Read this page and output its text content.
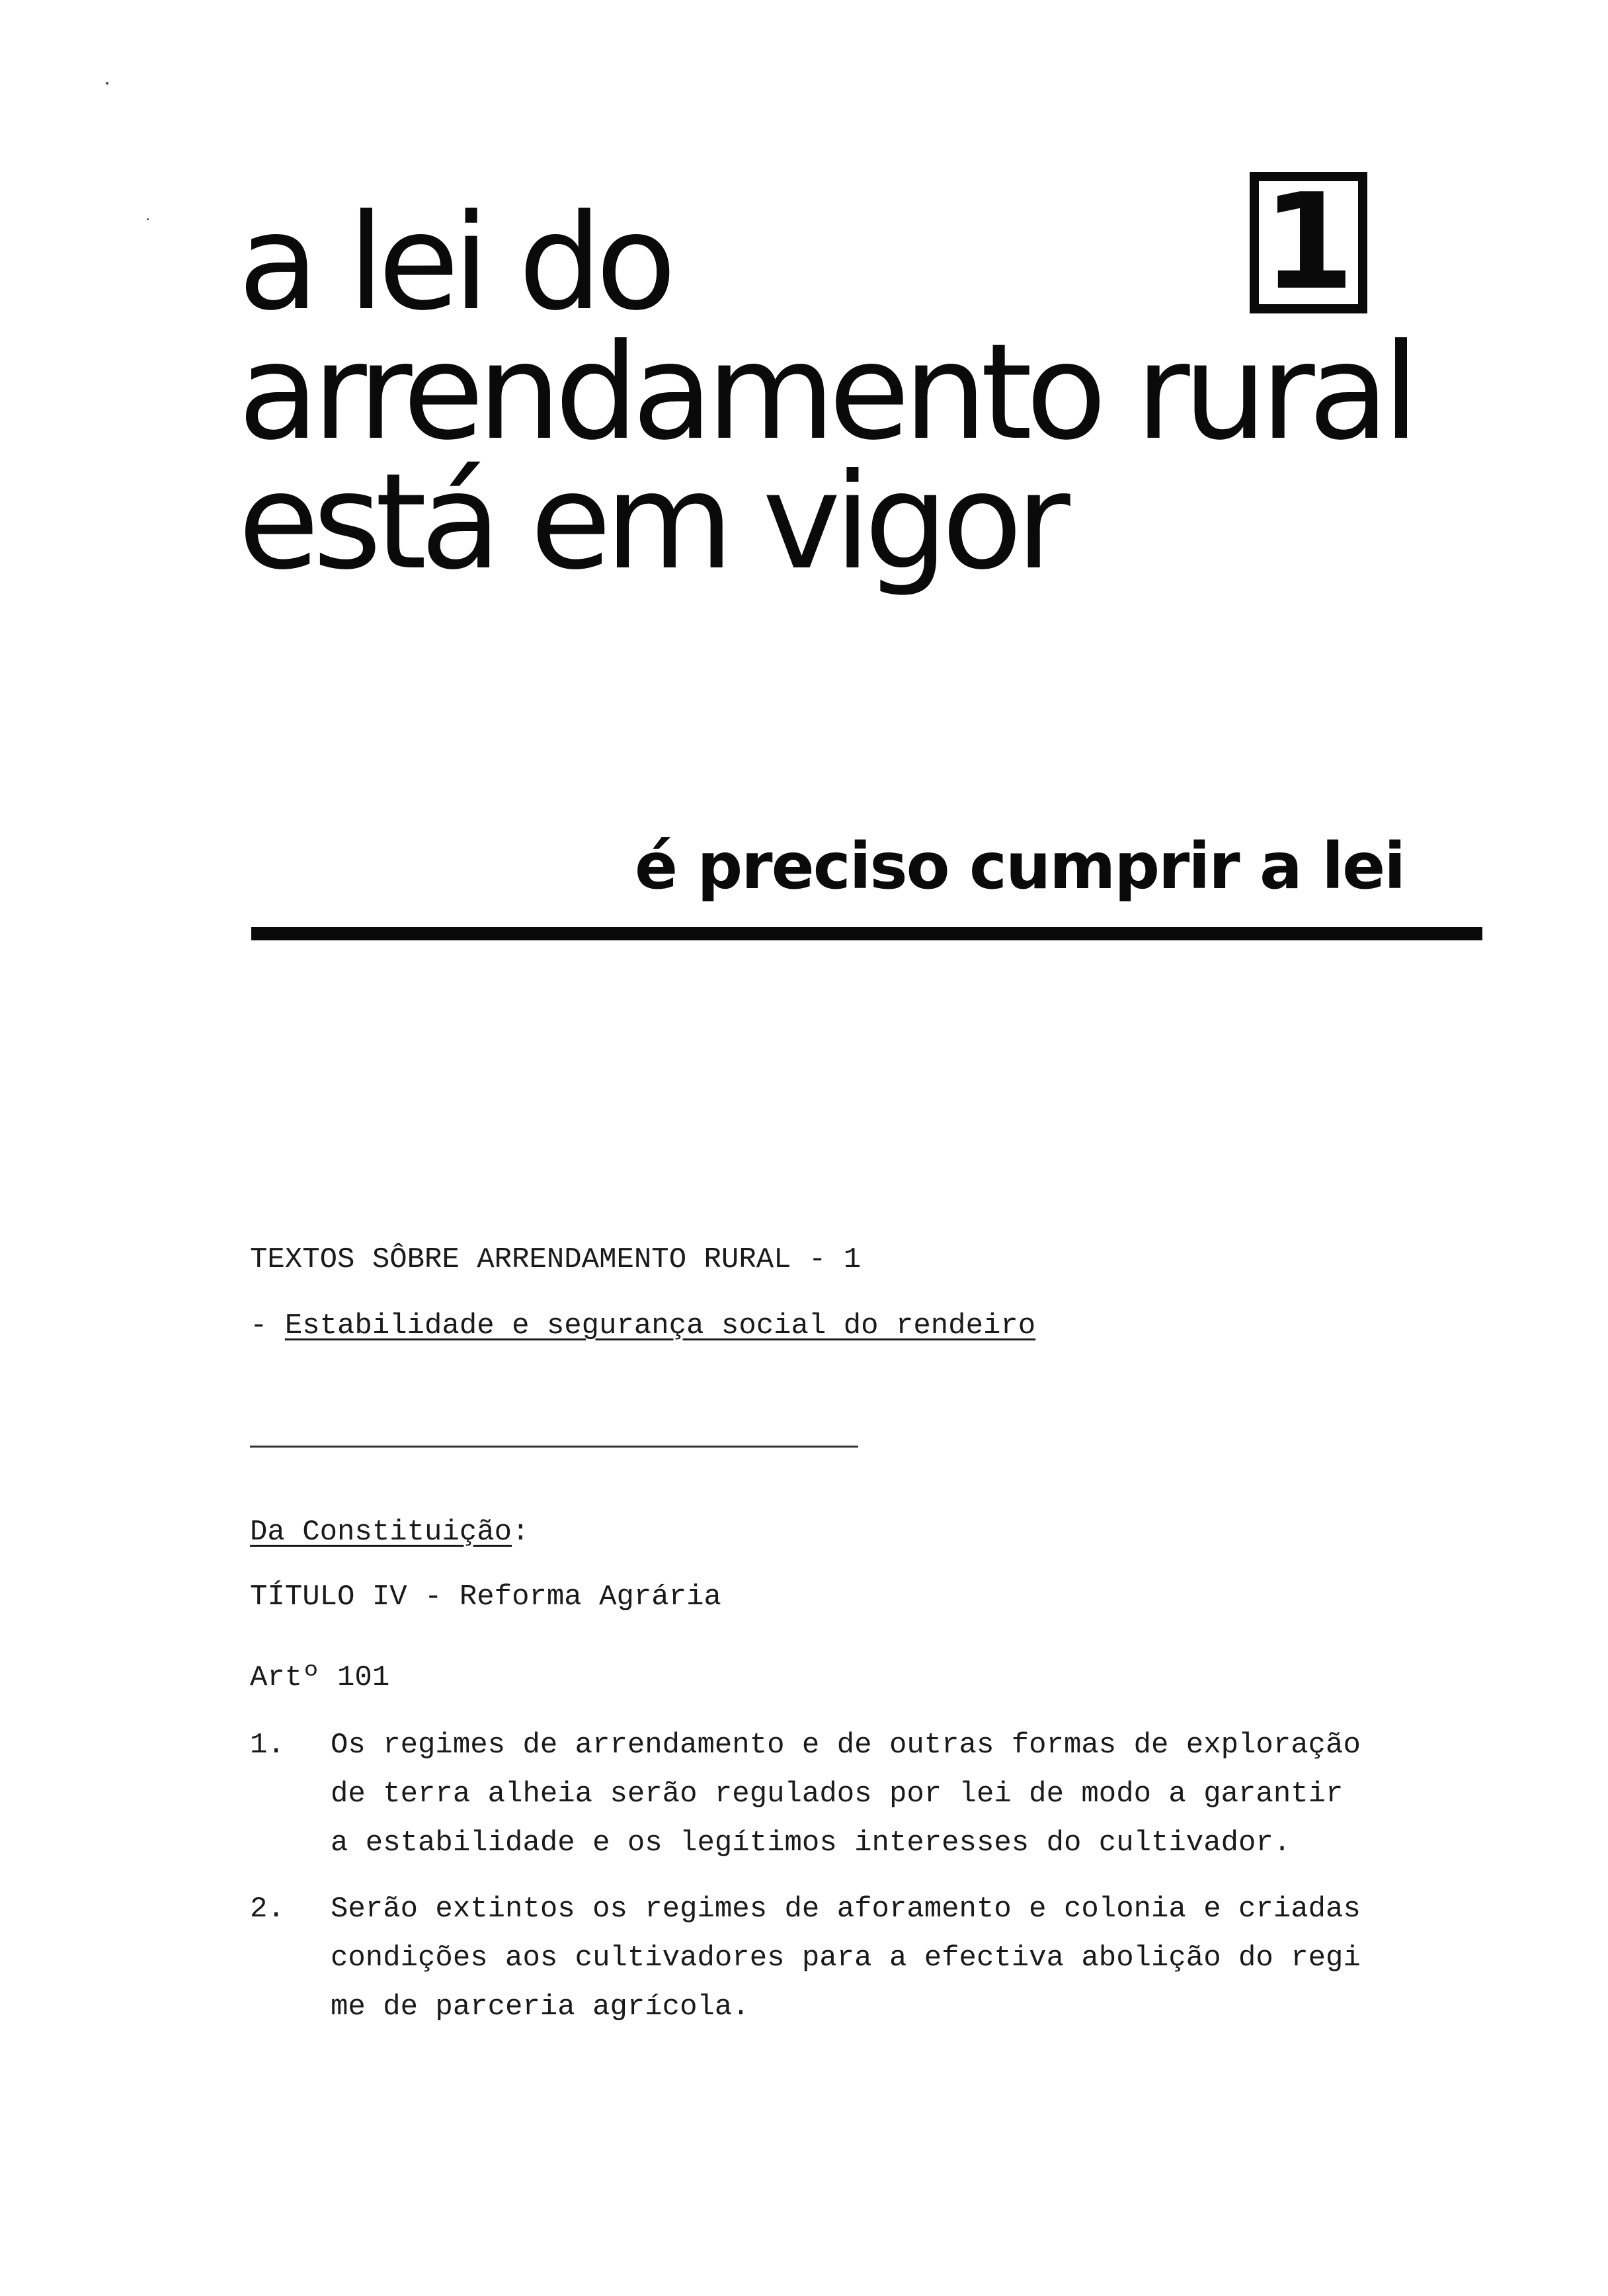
a lei do
arrendamento rural
está em vigor
1

é preciso cumprir a lei

TEXTOS SÔBRE ARRENDAMENTO RURAL - 1

- Estabilidade e segurança social do rendeiro

Da Constituição:

TÍTULO IV - Reforma Agrária

Artº 101

1.	Os regimes de arrendamento e de outras formas de exploração
de terra alheia serão regulados por lei de modo a garantir
a estabilidade e os legítimos interesses do cultivador.
2.	Serão extintos os regimes de aforamento e colonia e criadas
condições aos cultivadores para a efectiva abolição do regi
me de parceria agrícola.
